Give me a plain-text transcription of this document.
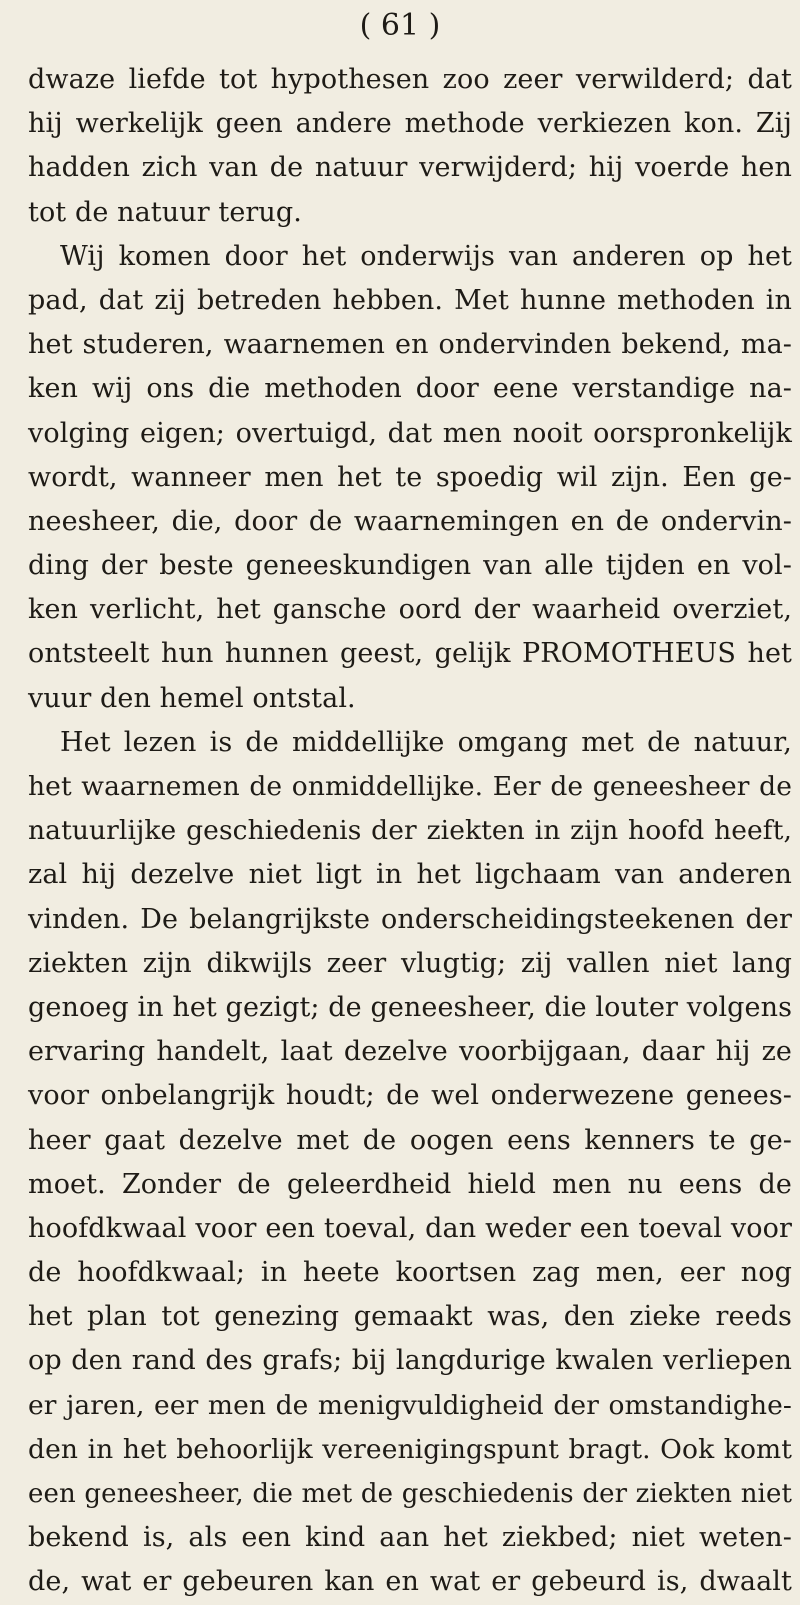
( 61 )
dwaze liefde tot hypothesen zoo zeer verwilderd; dat
hij werkelijk geen andere methode verkiezen kon. Zij
hadden zich van de natuur verwijderd; hij voerde hen
tot de natuur terug.
Wij komen door het onderwijs van anderen op het
pad, dat zij betreden hebben. Met hunne methoden in
het studeren, waarnemen en ondervinden bekend, ma-
ken wij ons die methoden door eene verstandige na-
volging eigen; overtuigd, dat men nooit oorspronkelijk
wordt, wanneer men het te spoedig wil zijn. Een ge-
neesheer, die, door de waarnemingen en de ondervin-
ding der beste geneeskundigen van alle tijden en vol-
ken verlicht, het gansche oord der waarheid overziet,
ontsteelt hun hunnen geest, gelijk PROMOTHEUS het
vuur den hemel ontstal.
Het lezen is de middellijke omgang met de natuur,
het waarnemen de onmiddellijke. Eer de geneesheer de
natuurlijke geschiedenis der ziekten in zijn hoofd heeft,
zal hij dezelve niet ligt in het ligchaam van anderen
vinden. De belangrijkste onderscheidingsteekenen der
ziekten zijn dikwijls zeer vlugtig; zij vallen niet lang
genoeg in het gezigt; de geneesheer, die louter volgens
ervaring handelt, laat dezelve voorbijgaan, daar hij ze
voor onbelangrijk houdt; de wel onderwezene genees-
heer gaat dezelve met de oogen eens kenners te ge-
moet. Zonder de geleerdheid hield men nu eens de
hoofdkwaal voor een toeval, dan weder een toeval voor
de hoofdkwaal; in heete koortsen zag men, eer nog
het plan tot genezing gemaakt was, den zieke reeds
op den rand des grafs; bij langdurige kwalen verliepen
er jaren, eer men de menigvuldigheid der omstandighe-
den in het behoorlijk vereenigingspunt bragt. Ook komt
een geneesheer, die met de geschiedenis der ziekten niet
bekend is, als een kind aan het ziekbed; niet weten-
de, wat er gebeuren kan en wat er gebeurd is, dwaalt
